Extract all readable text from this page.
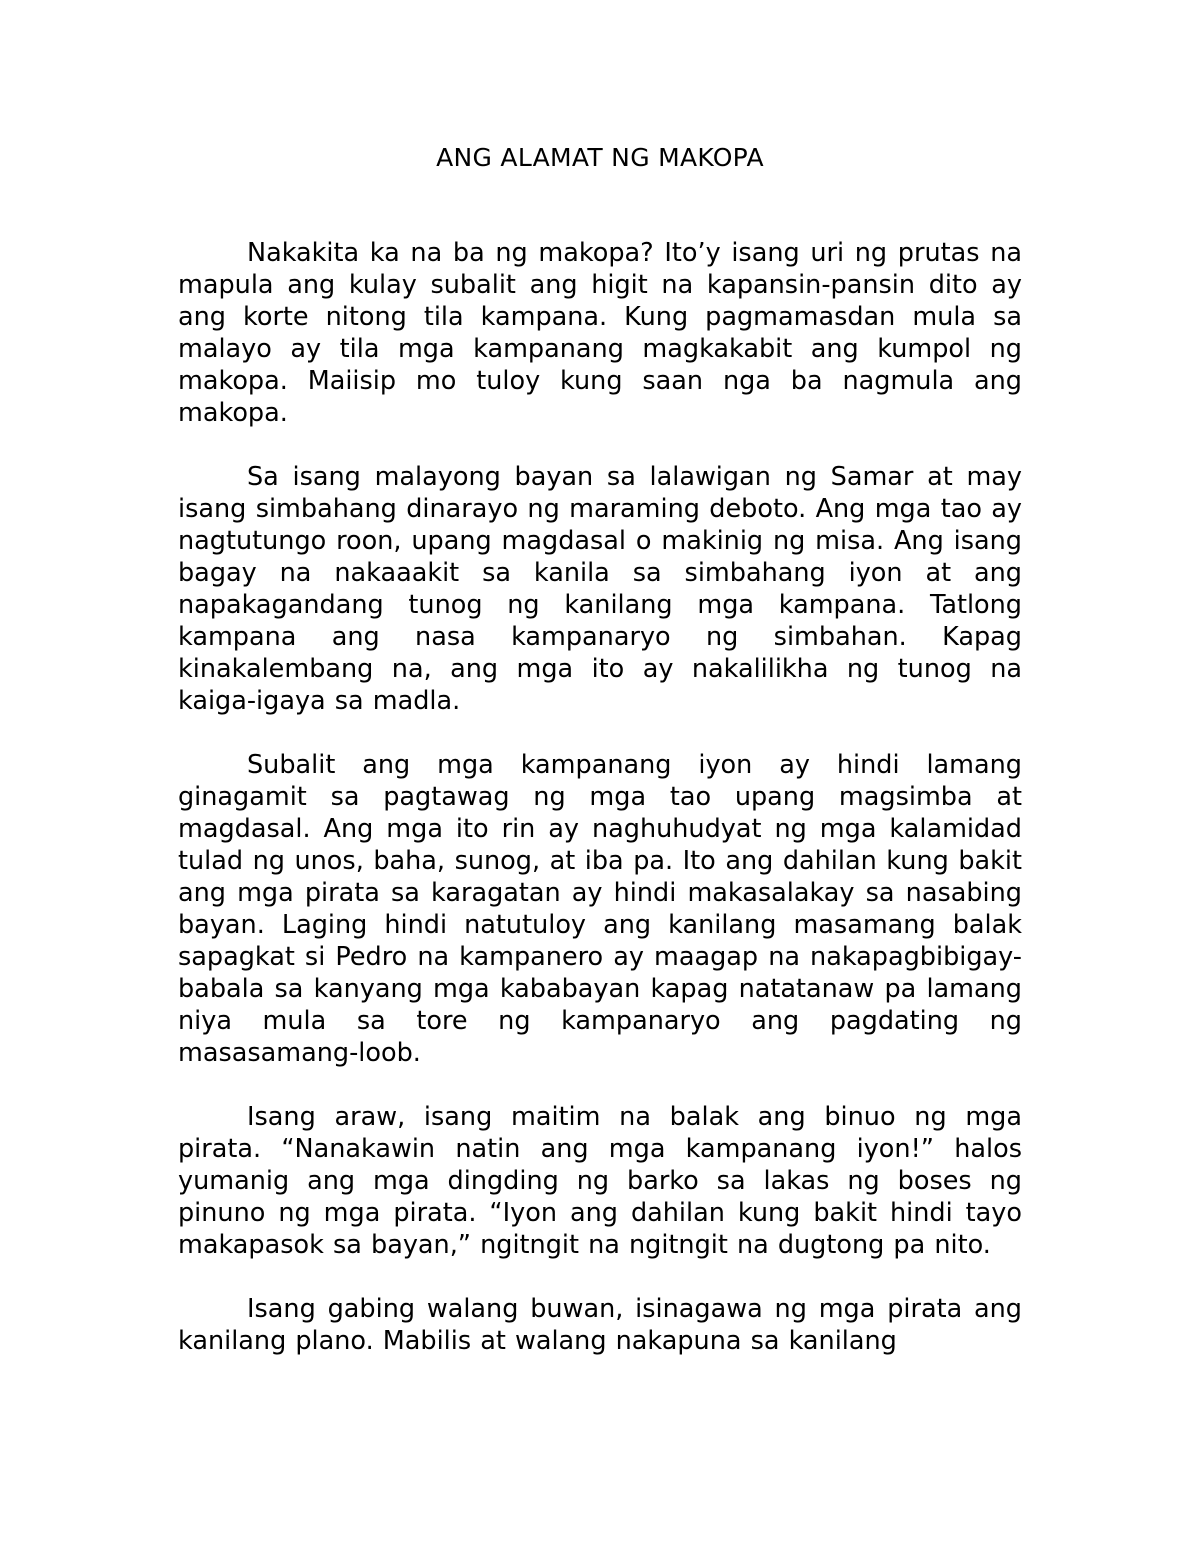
ANG ALAMAT NG MAKOPA

Nakakita ka na ba ng makopa? Ito’y isang uri ng prutas na mapula ang kulay subalit ang higit na kapansin-pansin dito ay ang korte nitong tila kampana. Kung pagmamasdan mula sa malayo ay tila mga kampanang magkakabit ang kumpol ng makopa. Maiisip mo tuloy kung saan nga ba nagmula ang makopa.

Sa isang malayong bayan sa lalawigan ng Samar at may isang simbahang dinarayo ng maraming deboto. Ang mga tao ay nagtutungo roon, upang magdasal o makinig ng misa. Ang isang bagay na nakaaakit sa kanila sa simbahang iyon at ang napakagandang tunog ng kanilang mga kampana. Tatlong kampana ang nasa kampanaryo ng simbahan. Kapag kinakalembang na, ang mga ito ay nakalilikha ng tunog na kaiga-igaya sa madla.

Subalit ang mga kampanang iyon ay hindi lamang ginagamit sa pagtawag ng mga tao upang magsimba at magdasal. Ang mga ito rin ay naghuhudyat ng mga kalamidad tulad ng unos, baha, sunog, at iba pa. Ito ang dahilan kung bakit ang mga pirata sa karagatan ay hindi makasalakay sa nasabing bayan. Laging hindi natutuloy ang kanilang masamang balak sapagkat si Pedro na kampanero ay maagap na nakapagbibigay-babala sa kanyang mga kababayan kapag natatanaw pa lamang niya mula sa tore ng kampanaryo ang pagdating ng masasamang-loob.

Isang araw, isang maitim na balak ang binuo ng mga pirata. “Nanakawin natin ang mga kampanang iyon!” halos yumanig ang mga dingding ng barko sa lakas ng boses ng pinuno ng mga pirata. “Iyon ang dahilan kung bakit hindi tayo makapasok sa bayan,” ngitngit na ngitngit na dugtong pa nito.

Isang gabing walang buwan, isinagawa ng mga pirata ang kanilang plano. Mabilis at walang nakapuna sa kanilang
